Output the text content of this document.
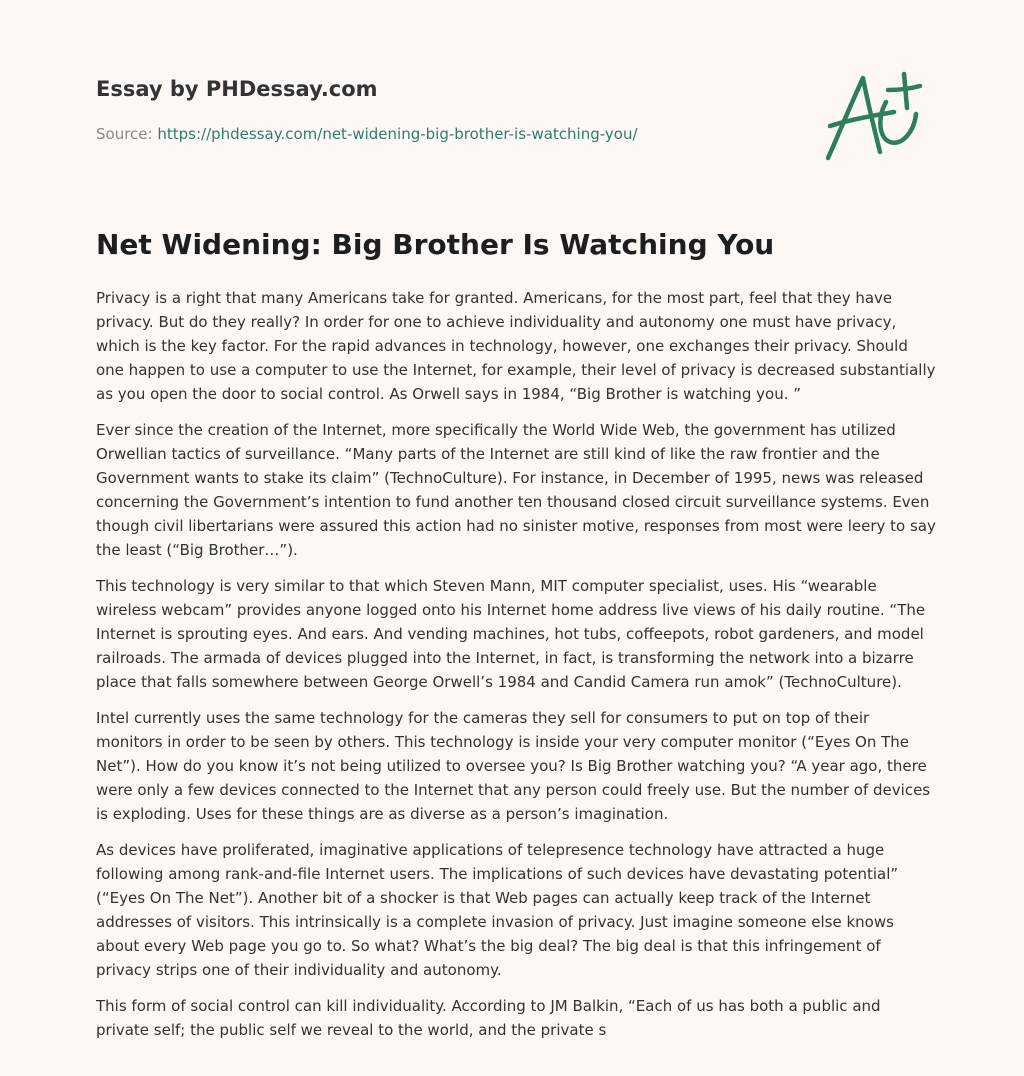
Essay by PHDessay.com
Source: https://phdessay.com/net-widening-big-brother-is-watching-you/
Net Widening: Big Brother Is Watching You

Privacy is a right that many Americans take for granted. Americans, for the most part, feel that they have privacy. But do they really? In order for one to achieve individuality and autonomy one must have privacy, which is the key factor. For the rapid advances in technology, however, one exchanges their privacy. Should one happen to use a computer to use the Internet, for example, their level of privacy is decreased substantially as you open the door to social control. As Orwell says in 1984, “Big Brother is watching you. ”

Ever since the creation of the Internet, more specifically the World Wide Web, the government has utilized Orwellian tactics of surveillance. “Many parts of the Internet are still kind of like the raw frontier and the Government wants to stake its claim” (TechnoCulture). For instance, in December of 1995, news was released concerning the Government’s intention to fund another ten thousand closed circuit surveillance systems. Even though civil libertarians were assured this action had no sinister motive, responses from most were leery to say the least (“Big Brother…”).

This technology is very similar to that which Steven Mann, MIT computer specialist, uses. His “wearable wireless webcam” provides anyone logged onto his Internet home address live views of his daily routine. “The Internet is sprouting eyes. And ears. And vending machines, hot tubs, coffeepots, robot gardeners, and model railroads. The armada of devices plugged into the Internet, in fact, is transforming the network into a bizarre place that falls somewhere between George Orwell’s 1984 and Candid Camera run amok” (TechnoCulture).

Intel currently uses the same technology for the cameras they sell for consumers to put on top of their monitors in order to be seen by others. This technology is inside your very computer monitor (“Eyes On The Net”). How do you know it’s not being utilized to oversee you? Is Big Brother watching you? “A year ago, there were only a few devices connected to the Internet that any person could freely use. But the number of devices is exploding. Uses for these things are as diverse as a person’s imagination.

As devices have proliferated, imaginative applications of telepresence technology have attracted a huge following among rank-and-file Internet users. The implications of such devices have devastating potential” (“Eyes On The Net”). Another bit of a shocker is that Web pages can actually keep track of the Internet addresses of visitors. This intrinsically is a complete invasion of privacy. Just imagine someone else knows about every Web page you go to. So what? What’s the big deal? The big deal is that this infringement of privacy strips one of their individuality and autonomy.

This form of social control can kill individuality. According to JM Balkin, “Each of us has both a public and private self; the public self we reveal to the world, and the private s
